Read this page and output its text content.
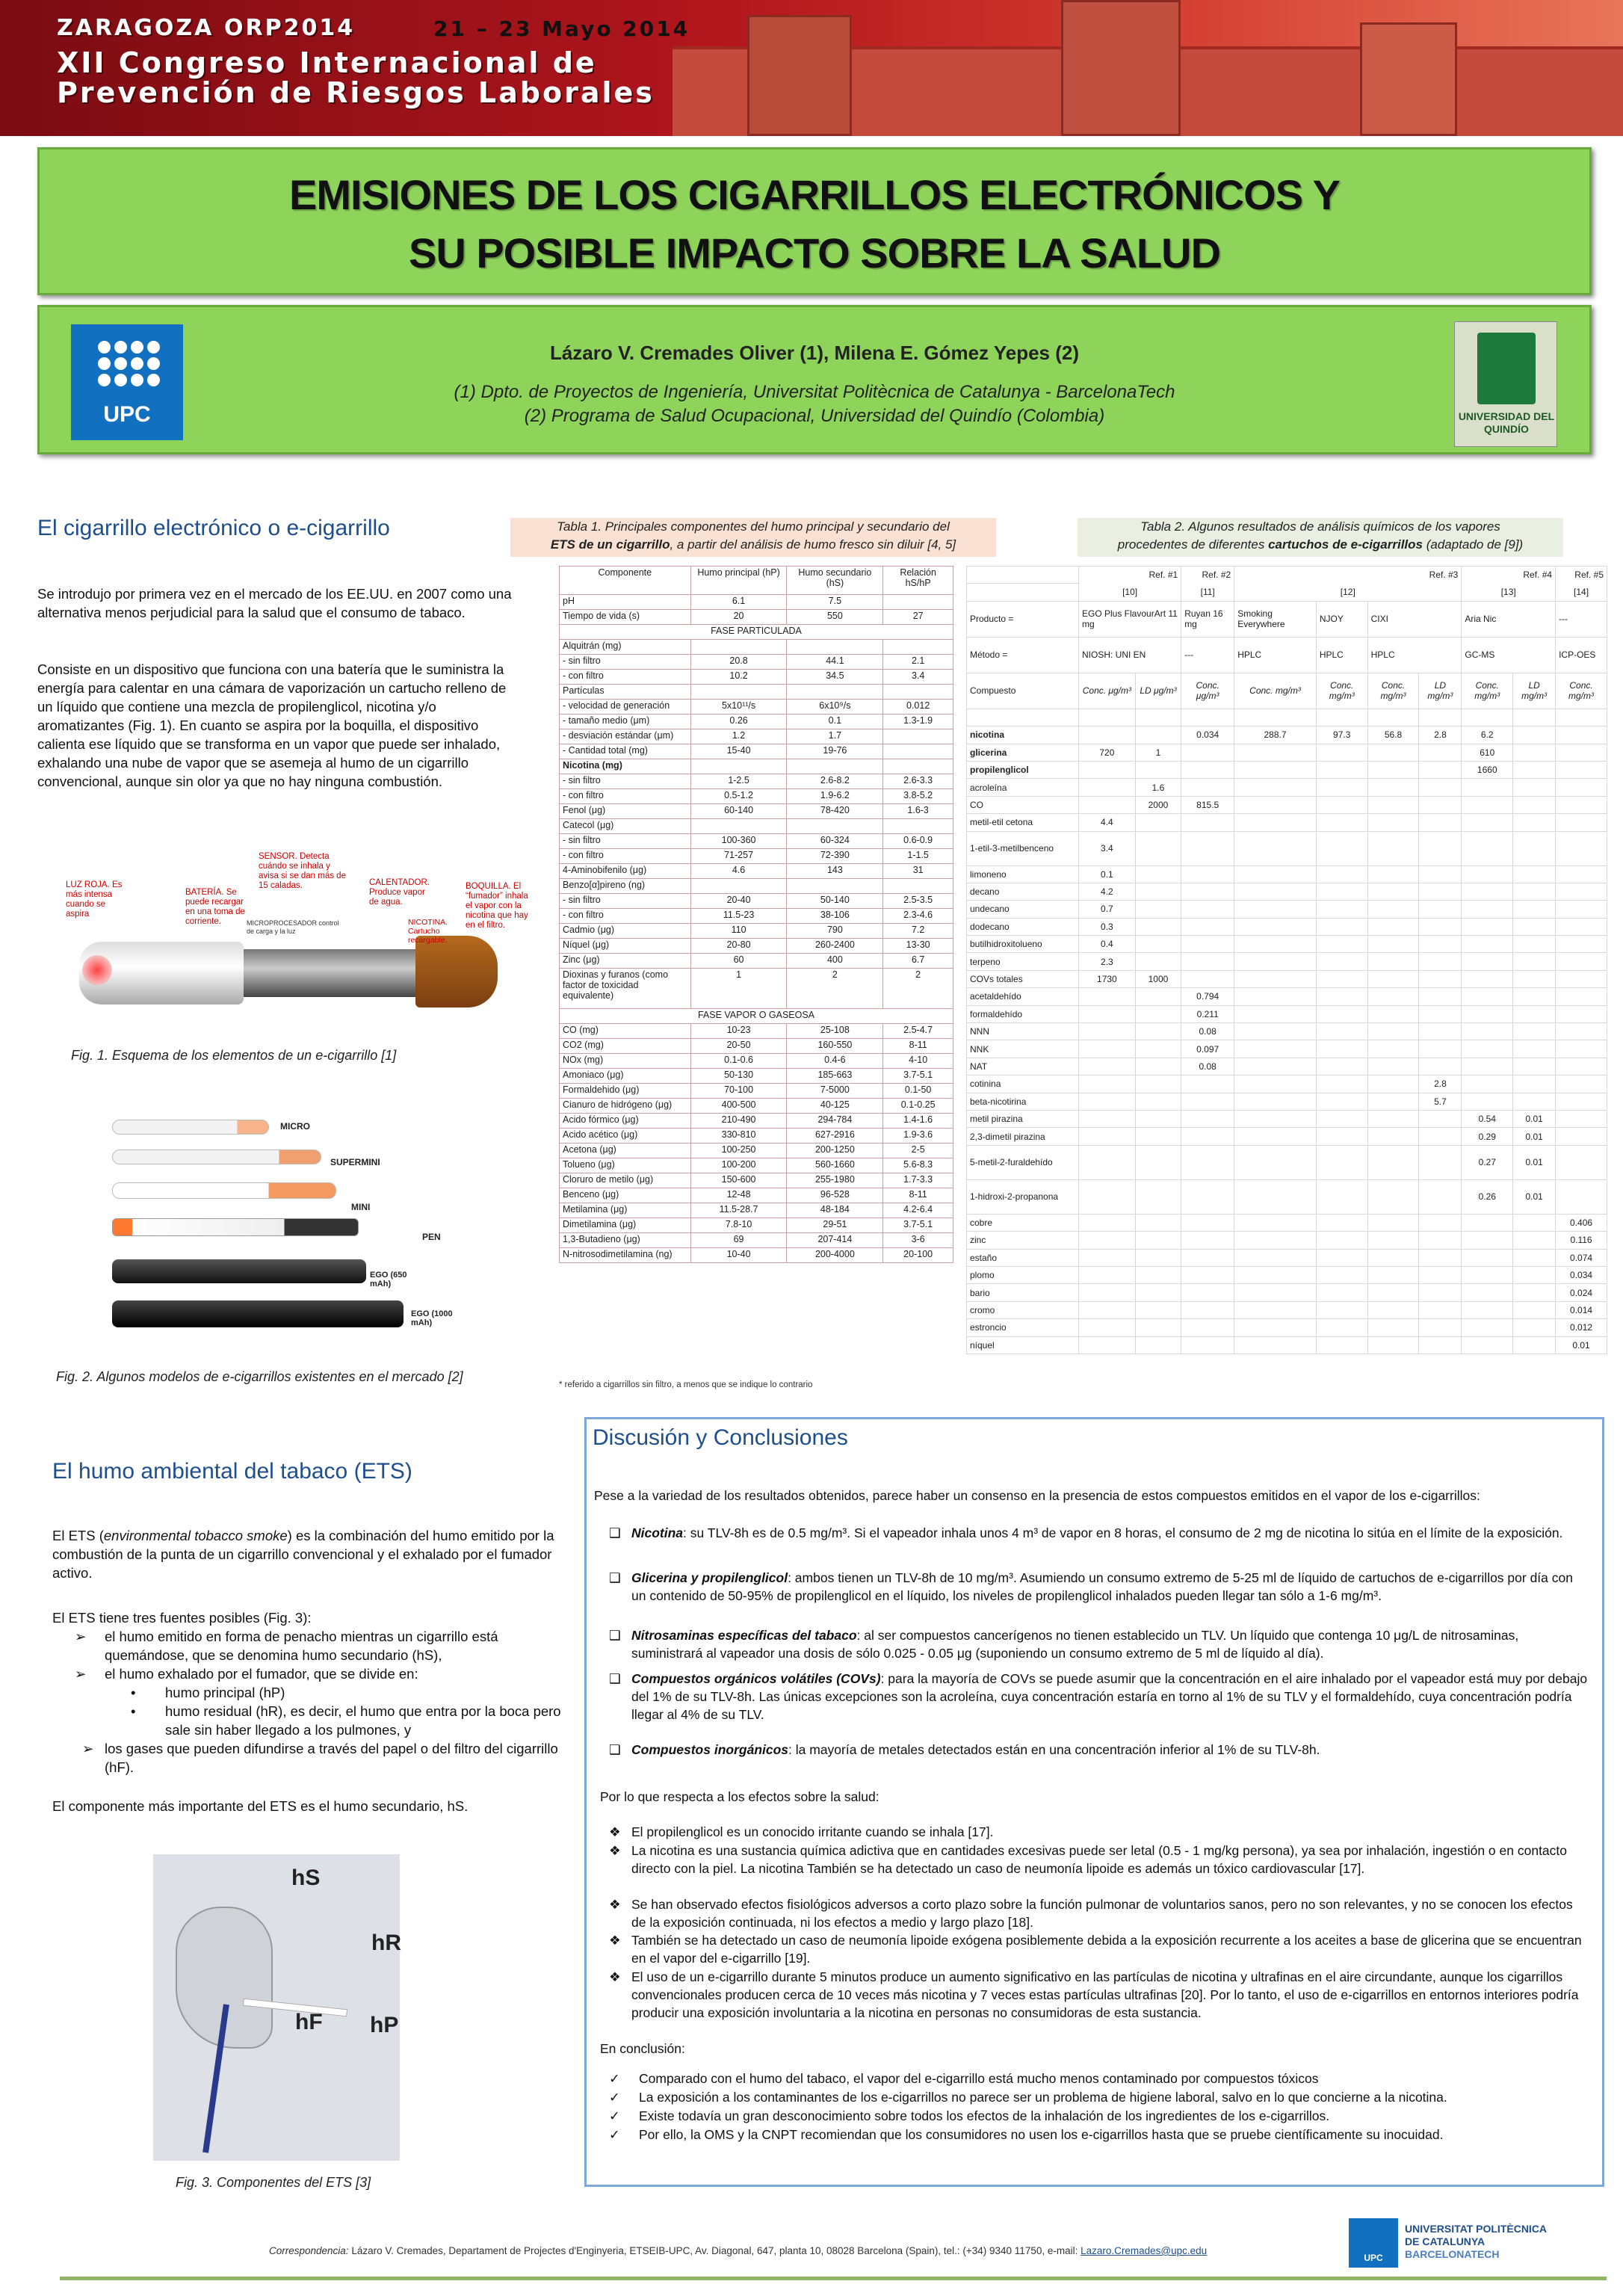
ZARAGOZA ORP2014	21 – 23 Mayo 2014
XII Congreso Internacional de
Prevención de Riesgos Laborales
EMISIONES DE LOS CIGARRILLOS ELECTRÓNICOS Y
SU POSIBLE IMPACTO SOBRE LA SALUD
Lázaro V. Cremades Oliver (1), Milena E. Gómez Yepes (2)
(1) Dpto. de Proyectos de Ingeniería, Universitat Politècnica de Catalunya - BarcelonaTech
(2) Programa de Salud Ocupacional, Universidad del Quindío (Colombia)
UPC	UNIVERSIDAD DEL QUINDÍO
El cigarrillo electrónico o e-cigarrillo
Se introdujo por primera vez en el mercado de los EE.UU. en 2007 como una alternativa menos perjudicial para la salud que el consumo de tabaco.
Consiste en un dispositivo que funciona con una batería que le suministra la energía para calentar en una cámara de vaporización un cartucho relleno de un líquido que contiene una mezcla de propilenglicol, nicotina y/o aromatizantes (Fig. 1). En cuanto se aspira por la boquilla, el dispositivo calienta ese líquido que se transforma en un vapor que puede ser inhalado, exhalando una nube de vapor que se asemeja al humo de un cigarrillo convencional, aunque sin olor ya que no hay ninguna combustión.
LUZ ROJA. Es más intensa cuando se aspira
BATERÍA. Se puede recargar en una toma de corriente.
SENSOR. Detecta cuándo se inhala y avisa si se dan más de 15 caladas.
MICROPROCESADOR control de carga y la luz
CALENTADOR. Produce vapor de agua.
NICOTINA. Cartucho recargable.
BOQUILLA. El “fumador” inhala el vapor con la nicotina que hay en el filtro.
Fig. 1. Esquema de los elementos de un e-cigarrillo [1]
MICRO
SUPERMINI
MINI
PEN
EGO (650 mAh)
EGO (1000 mAh)
Fig. 2. Algunos modelos de e-cigarrillos existentes en el mercado [2]
El humo ambiental del tabaco (ETS)
El ETS (environmental tobacco smoke) es la combinación del humo emitido por la combustión de la punta de un cigarrillo convencional y el exhalado por el fumador activo.
El ETS tiene tres fuentes posibles (Fig. 3):
➢	el humo emitido en forma de penacho mientras un cigarrillo está quemándose, que se denomina humo secundario (hS),
➢	el humo exhalado por el fumador, que se divide en:
•	humo principal (hP)
•	humo residual (hR), es decir, el humo que entra por la boca pero sale sin haber llegado a los pulmones, y
➢ los gases que pueden difundirse a través del papel o del filtro del cigarrillo (hF).
El componente más importante del ETS es el humo secundario, hS.
hS
hR
hF hP
Fig. 3. Componentes del ETS [3]
Tabla 1. Principales componentes del humo principal y secundario del
ETS de un cigarrillo, a partir del análisis de humo fresco sin diluir [4, 5]
Componente	Humo principal (hP)	Humo secundario (hS)	Relación hS/hP
pH	6.1	7.5	
Tiempo de vida (s)	20	550	27
FASE PARTICULADA			
Alquitrán (mg)			
- sin filtro	20.8	44.1	2.1
- con filtro	10.2	34.5	3.4
Partículas			
- velocidad de generación	5x10¹¹/s	6x10⁹/s	0.012
- tamaño medio (μm)	0.26	0.1	1.3-1.9
- desviación estándar (μm)	1.2	1.7	
- Cantidad total (mg)	15-40	19-76	
Nicotina (mg)			
- sin filtro	1-2.5	2.6-8.2	2.6-3.3
- con filtro	0.5-1.2	1.9-6.2	3.8-5.2
Fenol (μg)	60-140	78-420	1.6-3
Catecol (μg)			
- sin filtro	100-360	60-324	0.6-0.9
- con filtro	71-257	72-390	1-1.5
4-Aminobifenilo (μg)	4.6	143	31
Benzo[α]pireno (ng)			
- sin filtro	20-40	50-140	2.5-3.5
- con filtro	11.5-23	38-106	2.3-4.6
Cadmio (μg)	110	790	7.2
Níquel (μg)	20-80	260-2400	13-30
Zinc (μg)	60	400	6.7
Dioxinas y furanos (como factor de toxicidad equivalente)	1	2	2
FASE VAPOR O GASEOSA			
CO (mg)	10-23	25-108	2.5-4.7
CO2 (mg)	20-50	160-550	8-11
NOx (mg)	0.1-0.6	0.4-6	4-10
Amoniaco (μg)	50-130	185-663	3.7-5.1
Formaldehido (μg)	70-100	7-5000	0.1-50
Cianuro de hidrógeno (μg)	400-500	40-125	0.1-0.25
Acido fórmico (μg)	210-490	294-784	1.4-1.6
Acido acético (μg)	330-810	627-2916	1.9-3.6
Acetona (μg)	100-250	200-1250	2-5
Tolueno (μg)	100-200	560-1660	5.6-8.3
Cloruro de metilo (μg)	150-600	255-1980	1.7-3.3
Benceno (μg)	12-48	96-528	8-11
Metilamina (μg)	11.5-28.7	48-184	4.2-6.4
Dimetilamina (μg)	7.8-10	29-51	3.7-5.1
1,3-Butadieno (μg)	69	207-414	3-6
N-nitrosodimetilamina (ng)	10-40	200-4000	20-100
* referido a cigarrillos sin filtro, a menos que se indique lo contrario
Tabla 2. Algunos resultados de análisis químicos de los vapores
procedentes de diferentes cartuchos de e-cigarrillos (adaptado de [9])
	Ref. #1		Ref. #2	Ref. #3				Ref. #4		Ref. #5
	[10]		[11]	[12]				[13]		[14]
Producto =	EGO Plus FlavourArt 11 mg		Ruyan 16 mg	Smoking Everywhere	NJOY	CIXI		Aria Nic		---
Método =	NIOSH: UNI EN		---	HPLC	HPLC	HPLC		GC-MS		ICP-OES
Compuesto	Conc. μg/m³	LD μg/m³	Conc. μg/m³	Conc. mg/m³	Conc. mg/m³	Conc. mg/m³	LD mg/m³	Conc. mg/m³	LD mg/m³	Conc. mg/m³

nicotina			0.034	288.7	97.3	56.8	2.8	6.2		
glicerina	720	1						610		
propilenglicol								1660		
acroleína		1.6								
CO		2000	815.5							
metil-etil cetona	4.4									
1-etil-3-metilbenceno	3.4									
limoneno	0.1									
decano	4.2									
undecano	0.7									
dodecano	0.3									
butilhidroxitolueno	0.4									
terpeno	2.3									
COVs totales	1730	1000								
acetaldehído			0.794							
formaldehído			0.211							
NNN			0.08							
NNK			0.097							
NAT			0.08							
cotinina							2.8			
beta-nicotirina							5.7			
metil pirazina								0.54	0.01	
2,3-dimetil pirazina								0.29	0.01	
5-metil-2-furaldehído								0.27	0.01	
1-hidroxi-2-propanona								0.26	0.01	
cobre										0.406
zinc										0.116
estaño										0.074
plomo										0.034
bario										0.024
cromo										0.014
estroncio										0.012
níquel										0.01
Discusión y Conclusiones
Pese a la variedad de los resultados obtenidos, parece haber un consenso en la presencia de estos compuestos emitidos en el vapor de los e-cigarrillos:
❑ Nicotina: su TLV-8h es de 0.5 mg/m³. Si el vapeador inhala unos 4 m³ de vapor en 8 horas, el consumo de 2 mg de nicotina lo sitúa en el límite de la exposición.
❑ Glicerina y propilenglicol: ambos tienen un TLV-8h de 10 mg/m³. Asumiendo un consumo extremo de 5-25 ml de líquido de cartuchos de e-cigarrillos por día con un contenido de 50-95% de propilenglicol en el líquido, los niveles de propilenglicol inhalados pueden llegar tan sólo a 1-6 mg/m³.
❑ Nitrosaminas específicas del tabaco: al ser compuestos cancerígenos no tienen establecido un TLV. Un líquido que contenga 10 μg/L de nitrosaminas, suministrará al vapeador una dosis de sólo 0.025 - 0.05 μg (suponiendo un consumo extremo de 5 ml de líquido al día).
❑ Compuestos orgánicos volátiles (COVs): para la mayoría de COVs se puede asumir que la concentración en el aire inhalado por el vapeador está muy por debajo del 1% de su TLV-8h. Las únicas excepciones son la acroleína, cuya concentración estaría en torno al 1% de su TLV y el formaldehído, cuya concentración podría llegar al 4% de su TLV.
❑ Compuestos inorgánicos: la mayoría de metales detectados están en una concentración inferior al 1% de su TLV-8h.
Por lo que respecta a los efectos sobre la salud:
❖ El propilenglicol es un conocido irritante cuando se inhala [17].
❖ La nicotina es una sustancia química adictiva que en cantidades excesivas puede ser letal (0.5 - 1 mg/kg persona), ya sea por inhalación, ingestión o en contacto directo con la piel. La nicotina También se ha detectado un caso de neumonía lipoide es además un tóxico cardiovascular [17].
❖ Se han observado efectos fisiológicos adversos a corto plazo sobre la función pulmonar de voluntarios sanos, pero no son relevantes, y no se conocen los efectos de la exposición continuada, ni los efectos a medio y largo plazo [18].
❖ También se ha detectado un caso de neumonía lipoide exógena posiblemente debida a la exposición recurrente a los aceites a base de glicerina que se encuentran en el vapor del e-cigarrillo [19].
❖ El uso de un e-cigarrillo durante 5 minutos produce un aumento significativo en las partículas de nicotina y ultrafinas en el aire circundante, aunque los cigarrillos convencionales producen cerca de 10 veces más nicotina y 7 veces estas partículas ultrafinas [20]. Por lo tanto, el uso de e-cigarrillos en entornos interiores podría producir una exposición involuntaria a la nicotina en personas no consumidoras de esta sustancia.
En conclusión:
✓ Comparado con el humo del tabaco, el vapor del e-cigarrillo está mucho menos contaminado por compuestos tóxicos
✓ La exposición a los contaminantes de los e-cigarrillos no parece ser un problema de higiene laboral, salvo en lo que concierne a la nicotina.
✓ Existe todavía un gran desconocimiento sobre todos los efectos de la inhalación de los ingredientes de los e-cigarrillos.
✓ Por ello, la OMS y la CNPT recomiendan que los consumidores no usen los e-cigarrillos hasta que se pruebe científicamente su inocuidad.
Correspondencia: Lázaro V. Cremades, Departament de Projectes d'Enginyeria, ETSEIB-UPC, Av. Diagonal, 647, planta 10, 08028 Barcelona (Spain), tel.: (+34) 9340 11750, e-mail: Lazaro.Cremades@upc.edu
UPC
UNIVERSITAT POLITÈCNICA
DE CATALUNYA
BARCELONATECH
